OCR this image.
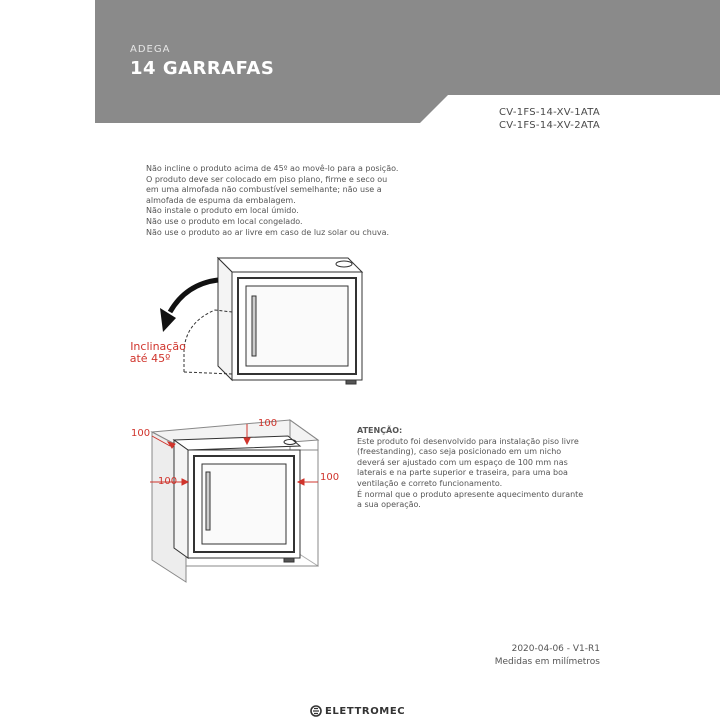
ADEGA
14 GARRAFAS
CV-1FS-14-XV-1ATA
CV-1FS-14-XV-2ATA
Não incline o produto acima de 45º ao movê-lo para a posição.
O produto deve ser colocado em piso plano, firme e seco ou
em uma almofada não combustível semelhante; não use a
almofada de espuma da embalagem.
Não instale o produto em local úmido.
Não use o produto em local congelado.
Não use o produto ao ar livre em caso de luz solar ou chuva.
Inclinação
até 45º
100
100
100	100
ATENÇÃO:
Este produto foi desenvolvido para instalação piso livre
(freestanding), caso seja posicionado em um nicho
deverá ser ajustado com um espaço de 100 mm nas
laterais e na parte superior e traseira, para uma boa
ventilação e correto funcionamento.
É normal que o produto apresente aquecimento durante
a sua operação.
2020-04-06 - V1-R1
Medidas em milímetros
ELETTROMEC
